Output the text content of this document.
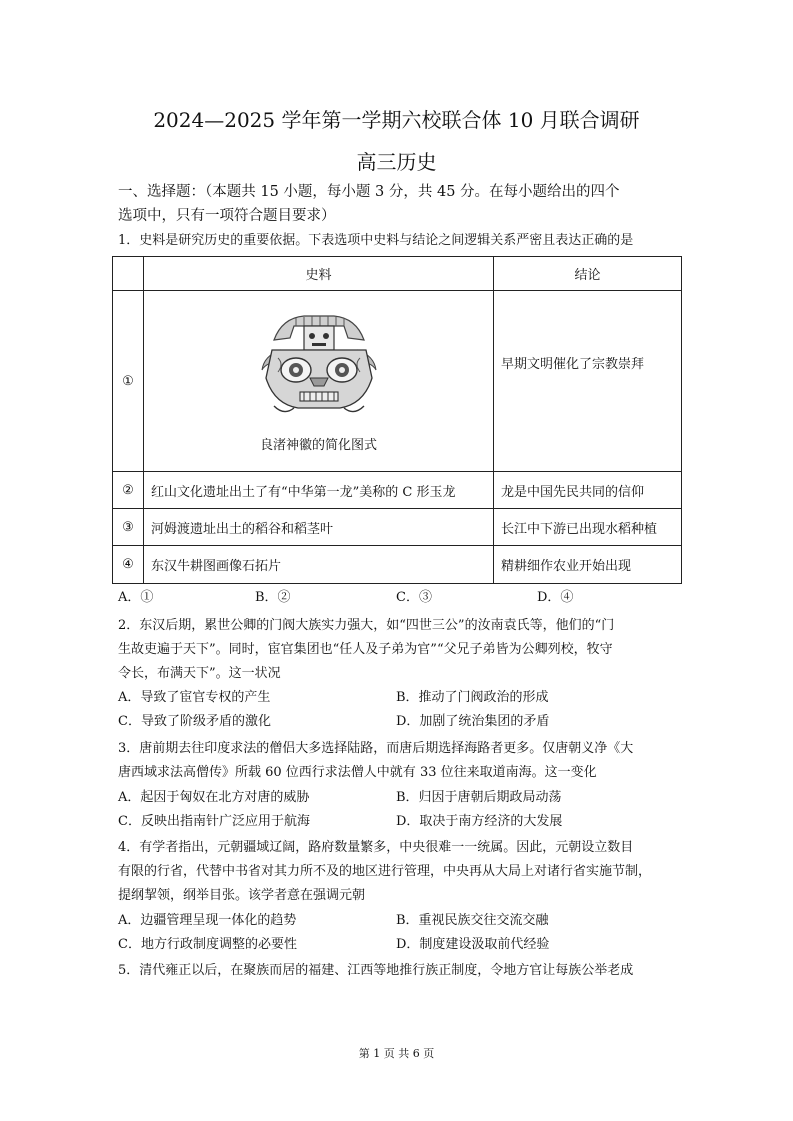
2024—2025 学年第一学期六校联合体 10 月联合调研
高三历史
一、选择题：（本题共 15 小题，每小题 3 分，共 45 分。在每小题给出的四个
选项中，只有一项符合题目要求）
1．史料是研究历史的重要依据。下表选项中史料与结论之间逻辑关系严密且表达正确的是
	史料	结论
①	良渚神徽的简化图式	早期文明催化了宗教崇拜
②	红山文化遗址出土了有“中华第一龙”美称的 C 形玉龙	龙是中国先民共同的信仰
③	河姆渡遗址出土的稻谷和稻茎叶	长江中下游已出现水稻种植
④	东汉牛耕图画像石拓片	精耕细作农业开始出现
A．①	B．②	C．③	D．④
2．东汉后期，累世公卿的门阀大族实力强大，如“四世三公”的汝南袁氏等，他们的“门
生故吏遍于天下”。同时，宦官集团也“任人及子弟为官”“父兄子弟皆为公卿列校，牧守
令长，布满天下”。这一状况
A．导致了宦官专权的产生	B．推动了门阀政治的形成
C．导致了阶级矛盾的激化	D．加剧了统治集团的矛盾
3．唐前期去往印度求法的僧侣大多选择陆路，而唐后期选择海路者更多。仅唐朝义净《大
唐西域求法高僧传》所载 60 位西行求法僧人中就有 33 位往来取道南海。这一变化
A．起因于匈奴在北方对唐的威胁	B．归因于唐朝后期政局动荡
C．反映出指南针广泛应用于航海	D．取决于南方经济的大发展
4．有学者指出，元朝疆域辽阔，路府数量繁多，中央很难一一统属。因此，元朝设立数目
有限的行省，代替中书省对其力所不及的地区进行管理，中央再从大局上对诸行省实施节制，
提纲挈领，纲举目张。该学者意在强调元朝
A．边疆管理呈现一体化的趋势	B．重视民族交往交流交融
C．地方行政制度调整的必要性	D．制度建设汲取前代经验
5．清代雍正以后，在聚族而居的福建、江西等地推行族正制度，令地方官让每族公举老成
第 1 页 共 6 页
